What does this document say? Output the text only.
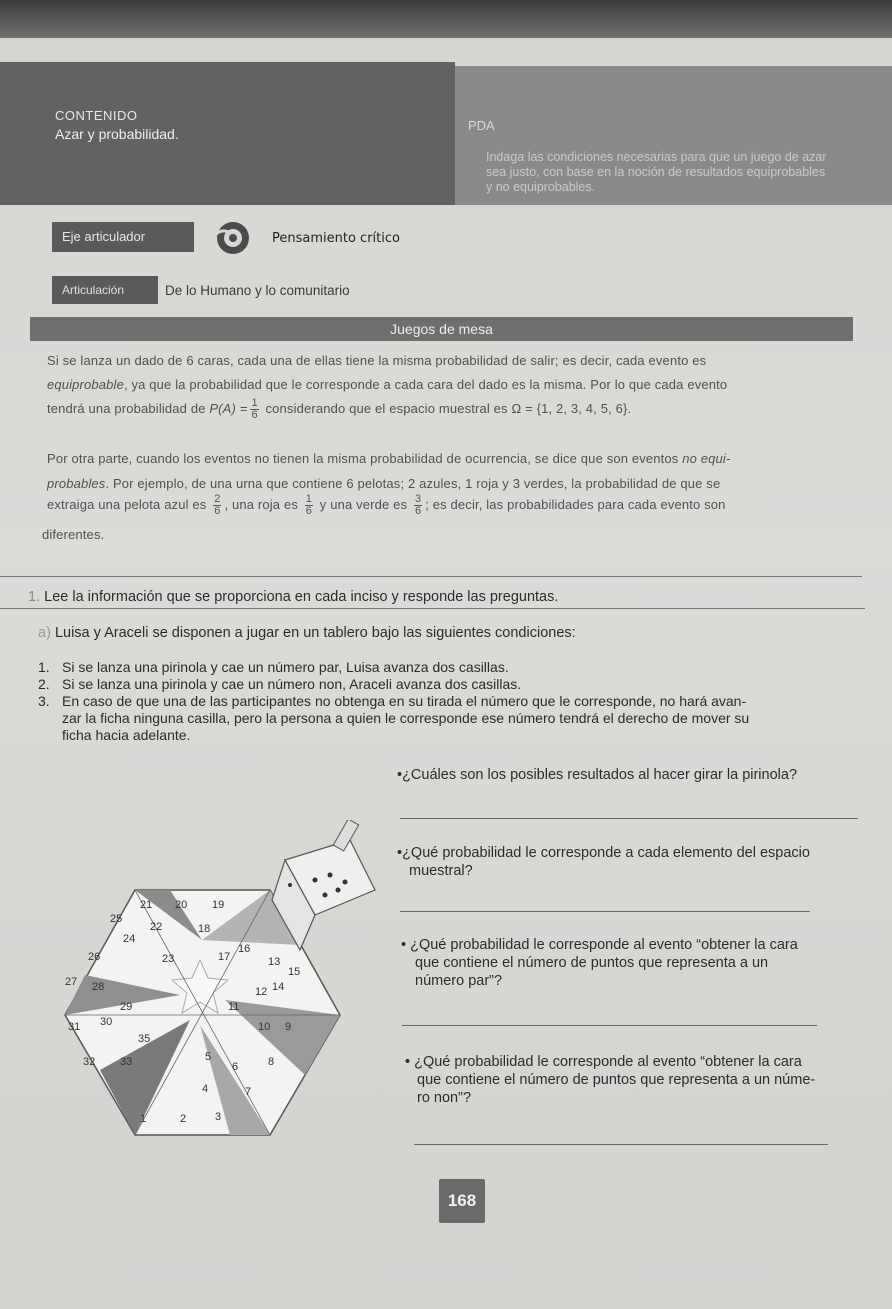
CONTENIDO
Azar y probabilidad.
PDA
Indaga las condiciones necesarias para que un juego de azar sea justo, con base en la noción de resultados equiprobables y no equiprobables.
Eje articulador	Pensamiento crítico
Articulación	De lo Humano y lo comunitario
Juegos de mesa
Si se lanza un dado de 6 caras, cada una de ellas tiene la misma probabilidad de salir; es decir, cada evento es
equiprobable, ya que la probabilidad que le corresponde a cada cara del dado es la misma. Por lo que cada evento
tendrá una probabilidad de $P(A) = \frac{1}{6}$ considerando que el espacio muestral es Ω = {1, 2, 3, 4, 5, 6}.
Por otra parte, cuando los eventos no tienen la misma probabilidad de ocurrencia, se dice que son eventos no equi-
probables. Por ejemplo, de una urna que contiene 6 pelotas; 2 azules, 1 roja y 3 verdes, la probabilidad de que se
extraiga una pelota azul es $\frac{2}{6}$ , una roja es $\frac{1}{6}$ y una verde es $\frac{3}{6}$ ; es decir, las probabilidades para cada evento son
diferentes.
1. Lee la información que se proporciona en cada inciso y responde las preguntas.
a) Luisa y Araceli se disponen a jugar en un tablero bajo las siguientes condiciones:
1. Si se lanza una pirinola y cae un número par, Luisa avanza dos casillas.
2. Si se lanza una pirinola y cae un número non, Araceli avanza dos casillas.
3. En caso de que una de las participantes no obtenga en su tirada el número que le corresponde, no hará avan-
zar la ficha ninguna casilla, pero la persona a quien le corresponde ese número tendrá el derecho de mover su
ficha hacia adelante.
•¿Cuáles son los posibles resultados al hacer girar la pirinola?
•¿Qué probabilidad le corresponde a cada elemento del espacio
muestral?
• ¿Qué probabilidad le corresponde al evento “obtener la cara
que contiene el número de puntos que representa a un
número par”?
• ¿Qué probabilidad le corresponde al evento “obtener la cara
que contiene el número de puntos que representa a un núme-
ro non”?
1	2	3
4
5
6
7
8
9
10
11
12
13
14
15
16
17
18
19
20
21
22
23
24
25
26
27 28
29
30
31
32 33
35
168
